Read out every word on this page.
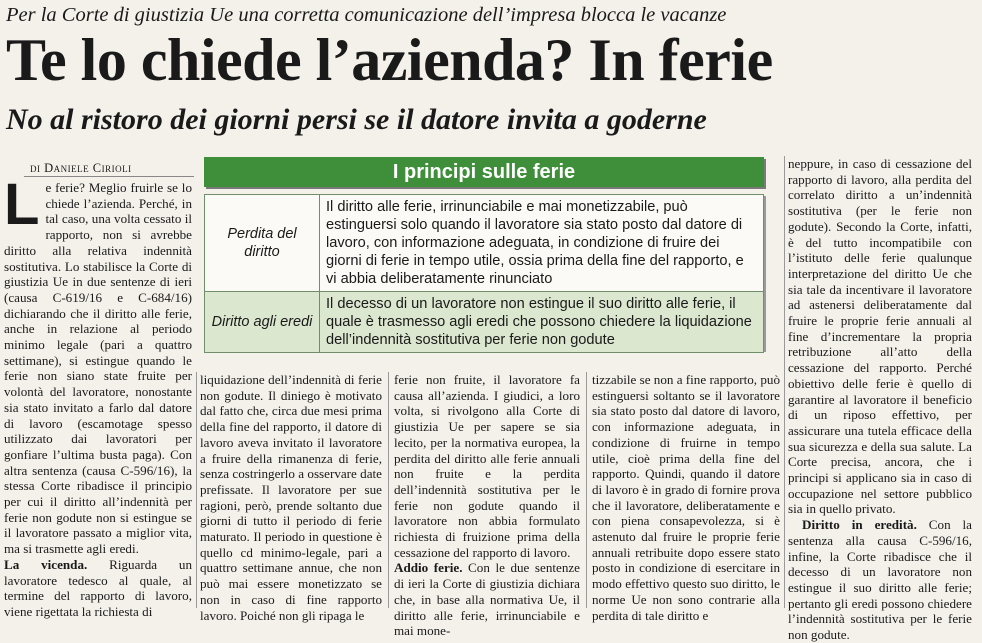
Per la Corte di giustizia Ue una corretta comunicazione dell’impresa blocca le vacanze
Te lo chiede l’azienda? In ferie
No al ristoro dei giorni persi se il datore invita a goderne
di Daniele Cirioli

Le ferie? Meglio fruirle se lo chiede l’azienda. Perché, in tal caso, una volta cessato il rapporto, non si avrebbe diritto alla relativa indennità sostitutiva. Lo stabilisce la Corte di giustizia Ue in due sentenze di ieri (causa C-619/16 e C-684/16) dichiarando che il diritto alle ferie, anche in relazione al periodo minimo legale (pari a quattro settimane), si estingue quando le ferie non siano state fruite per volontà del lavoratore, nonostante sia stato invitato a farlo dal datore di lavoro (escamotage spesso utilizzato dai lavoratori per gonfiare l’ultima busta paga). Con altra sentenza (causa C-596/16), la stessa Corte ribadisce il principio per cui il diritto all’indennità per ferie non godute non si estingue se il lavoratore passato a miglior vita, ma si trasmette agli eredi.

La vicenda. Riguarda un lavoratore tedesco al quale, al termine del rapporto di lavoro, viene rigettata la richiesta di

I principi sulle ferie
Perdita del diritto	Il diritto alle ferie, irrinunciabile e mai monetizzabile, può estinguersi solo quando il lavoratore sia stato posto dal datore di lavoro, con informazione adeguata, in condizione di fruire dei giorni di ferie in tempo utile, ossia prima della fine del rapporto, e vi abbia deliberatamente rinunciato
Diritto agli eredi	Il decesso di un lavoratore non estingue il suo diritto alle ferie, il quale è trasmesso agli eredi che possono chiedere la liquidazione dell’indennità sostitutiva per ferie non godute

liquidazione dell’indennità di ferie non godute. Il diniego è motivato dal fatto che, circa due mesi prima della fine del rapporto, il datore di lavoro aveva invitato il lavoratore a fruire della rimanenza di ferie, senza costringerlo a osservare date prefissate. Il lavoratore per sue ragioni, però, prende soltanto due giorni di tutto il periodo di ferie maturato. Il periodo in questione è quello cd minimo-legale, pari a quattro settimane annue, che non può mai essere monetizzato se non in caso di fine rapporto lavoro. Poiché non gli ripaga le

ferie non fruite, il lavoratore fa causa all’azienda. I giudici, a loro volta, si rivolgono alla Corte di giustizia Ue per sapere se sia lecito, per la normativa europea, la perdita del diritto alle ferie annuali non fruite e la perdita dell’indennità sostitutiva per le ferie non godute quando il lavoratore non abbia formulato richiesta di fruizione prima della cessazione del rapporto di lavoro.

Addio ferie. Con le due sentenze di ieri la Corte di giustizia dichiara che, in base alla normativa Ue, il diritto alle ferie, irrinunciabile e mai mone-

tizzabile se non a fine rapporto, può estinguersi soltanto se il lavoratore sia stato posto dal datore di lavoro, con informazione adeguata, in condizione di fruirne in tempo utile, cioè prima della fine del rapporto. Quindi, quando il datore di lavoro è in grado di fornire prova che il lavoratore, deliberatamente e con piena consapevolezza, si è astenuto dal fruire le proprie ferie annuali retribuite dopo essere stato posto in condizione di esercitare in modo effettivo questo suo diritto, le norme Ue non sono contrarie alla perdita di tale diritto e

neppure, in caso di cessazione del rapporto di lavoro, alla perdita del correlato diritto a un’indennità sostitutiva (per le ferie non godute). Secondo la Corte, infatti, è del tutto incompatibile con l’istituto delle ferie qualunque interpretazione del diritto Ue che sia tale da incentivare il lavoratore ad astenersi deliberatamente dal fruire le proprie ferie annuali al fine d’incrementare la propria retribuzione all’atto della cessazione del rapporto. Perché obiettivo delle ferie è quello di garantire al lavoratore il beneficio di un riposo effettivo, per assicurare una tutela efficace della sua sicurezza e della sua salute. La Corte precisa, ancora, che i principi si applicano sia in caso di occupazione nel settore pubblico sia in quello privato.

Diritto in eredità. Con la sentenza alla causa C-596/16, infine, la Corte ribadisce che il decesso di un lavoratore non estingue il suo diritto alle ferie; pertanto gli eredi possono chiedere l’indennità sostitutiva per le ferie non godute.
